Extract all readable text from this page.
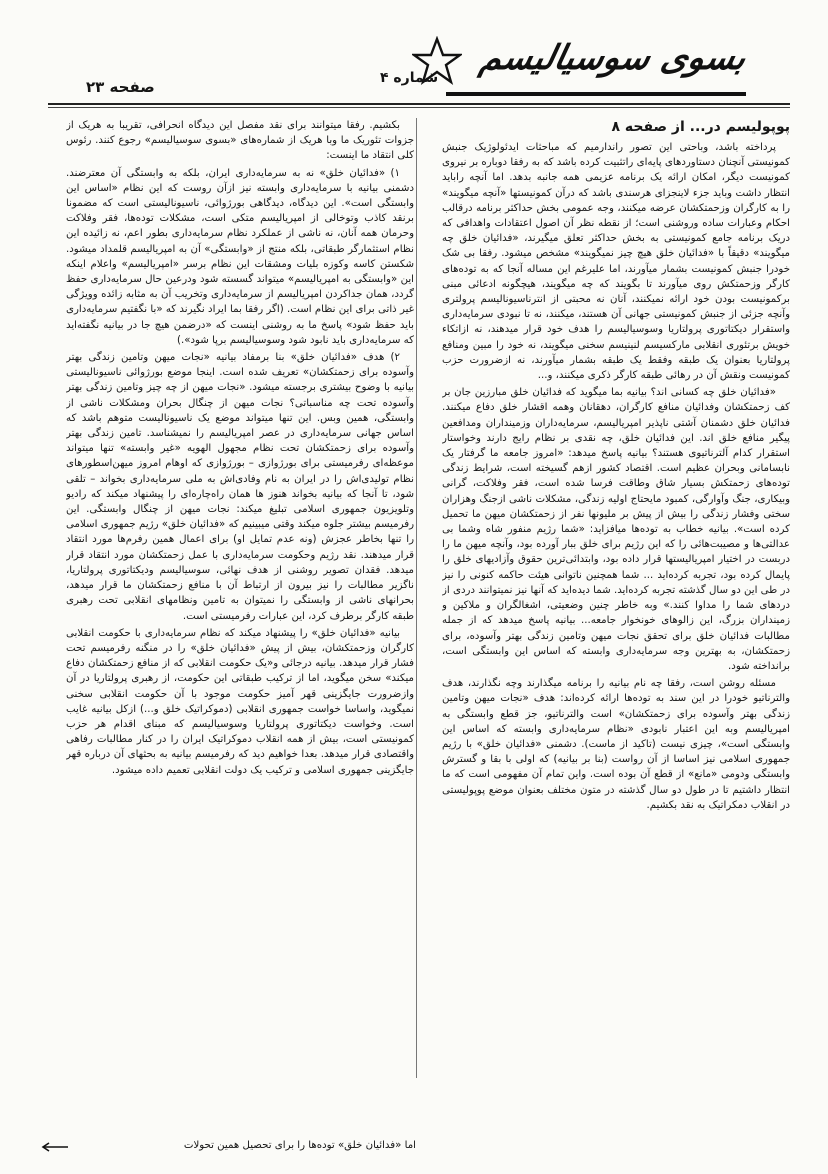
بسوی سوسیالیسم
شماره ۴
صفحه ۲۳
پوپولیسم در... از صفحه ۸

پرداخته باشد، وباحتی این تصور راندارمیم که مباحثات ایدئولوژیک جنبش کمونیستی آنچنان دستاوردهای پایه‌ای راتثبیت کرده باشد که به رفقا دوباره بر نیروی کمونیست دیگر، امکان ارائه یک برنامه عزیمی همه جانبه بدهد. اما آنچه راباید انتظار داشت وباید جزء لاینجزای هرسندی باشد که درآن کمونیستها «آنچه میگویند» را به کارگران وزحمتکشان عرضه میکنند، وجه عمومی بخش حداکثر برنامه درقالب احکام وعبارات ساده وروشنی است؛ از نقطه نظر آن اصول اعتقادات واهدافی که دریک برنامه جامع کمونیستی به بخش حداکثر تعلق میگیرند، «فدائیان خلق چه میگویند» دقیقاً با «فدائیان خلق هیچ چیز نمیگویند» مشخص میشود. رفقا بی شک خودرا جنبش کمونیست بشمار میآورند، اما علیرغم این مساله آنجا که به توده‌های کارگر وزحمتکش روی میآورند تا بگویند که چه میگویند، هیچگونه ادعائی مبنی برکمونیست بودن خود ارائه نمیکنند، آنان نه محبتی از انترناسیونالیسم پرولتری وآنچه جزئی از جنبش کمونیستی جهانی آن هستند، میکنند، نه تا نبودی سرمایه‌داری واستقرار دیکتاتوری پرولتاریا وسوسیالیسم را هدف خود قرار میدهند، نه ازاتکاء خویش برتئوری انقلابی مارکسیسم لنینیسم سخنی میگویند، نه خود را مبین ومنافع پرولتاریا بعنوان یک طبقه وفقط یک طبقه بشمار میآورند، نه ازضرورت حزب کمونیست ونقش آن در رهائی طبقه کارگر ذکری میکنند، و...

«فدائیان خلق چه کسانی اند؟ بیانیه بما میگوید که فدائیان خلق مبارزین جان بر کف زحمتکشان وفدائیان منافع کارگران، دهقانان وهمه اقشار خلق دفاع میکنند. فدائیان خلق دشمنان آشتی ناپذیر امپریالیسم، سرمایه‌داران وزمینداران ومدافعین پیگیر منافع خلق اند. این فدائیان خلق، چه نقدی بر نظام رایج دارند وخواستار استقرار کدام آلترناتیوی هستند؟ بیانیه پاسخ میدهد: «امروز جامعه ما گرفتار یک نابسامانی وبحران عظیم است. اقتصاد کشور ازهم گسیخته است، شرایط زندگی توده‌های زحمتکش بسیار شاق وطاقت فرسا شده است، فقر وفلاکت، گرانی وبیکاری، جنگ وآوارگی، کمبود مایحتاج اولیه زندگی، مشکلات ناشی ازجنگ وهزاران سختی وفشار زندگی را بیش از پیش بر ملیونها نفر از زحمتکشان میهن ما تحمیل کرده است». بیانیه خطاب به توده‌ها میافزاید: «شما رژیم منفور شاه وشما بی عدالتی‌ها و مصیبت‌هائی را که این رژیم برای خلق ببار آورده بود، وآنچه میهن ما را دربست در اختیار امپریالیستها قرار داده بود، وابتدائی‌ترین حقوق وآزادیهای خلق را پایمال کرده بود، تجربه کرده‌اید ... شما همچنین ناتوانی هیئت حاکمه کنونی را نیز در طی این دو سال گذشته تجربه کرده‌اید. شما دیده‌اید که آنها نیز نمیتوانند دردی از دردهای شما را مداوا کنند.» وبه خاطر چنین وضعیتی، اشغالگران و ملاکین و زمینداران بزرگ، این زالوهای خونخوار جامعه... بیانیه پاسخ میدهد که از جمله مطالبات فدائیان خلق برای تحقق نجات میهن وتامین زندگی بهتر وآسوده، برای زحمتکشان، به بهترین وجه سرمایه‌داری وابسته که اساس این وابستگی است، برانداخته شود.

مسئله روشن است، رفقا چه نام بیانیه را برنامه میگذارند وچه نگذارند، هدف والترناتیو خودرا در این سند به توده‌ها ارائه کرده‌اند: هدف «نجات میهن وتامین زندگی بهتر وآسوده برای زحمتکشان» است والترناتیو، جز قطع وابستگی به امپریالیسم وبه این اعتبار نابودی «نظام سرمایه‌داری وابسته که اساس این وابستگی است»، چیزی نیست (تاکید از ماست). دشمنی «فدائیان خلق» با رژیم جمهوری اسلامی نیز اساسا از آن رواست (بنا بر بیانیه) که اولی با بقا و گسترش وابستگی ودومی «مانع» از قطع آن بوده است. واین تمام آن مفهومی است که ما انتظار داشتیم تا در طول دو سال گذشته در متون مختلف بعنوان موضع پوپولیستی در انقلاب دمکراتیک به نقد بکشیم.

بکشیم. رفقا میتوانند برای نقد مفصل این دیدگاه انحرافی، تقریبا به هریک از جزوات تئوریک ما وبا هریک از شماره‌های «بسوی سوسیالیسم» رجوع کنند. رئوس کلی انتقاد ما اینست:

۱) «فدائیان خلق» نه به سرمایه‌داری ایران، بلکه به وابستگی آن معترضند. دشمنی بیانیه با سرمایه‌داری وابسته نیز ازآن روست که این نظام «اساس این وابستگی است». این دیدگاه، دیدگاهی بورژوائی، ناسیونالیستی است که مضمونا برنقد کاذب وتوخالی از امپریالیسم متکی است، مشکلات توده‌ها، فقر وفلاکت وحرمان همه آنان، نه ناشی از عملکرد نظام سرمایه‌داری بطور اعم، نه زائیده این نظام استثمارگر طبقاتی، بلکه منتج از «وابستگی» آن به امپریالیسم قلمداد میشود. شکستن کاسه وکوزه بلیات ومشقات این نظام برسر «امپریالیسم» واعلام اینکه این «وابستگی به امپریالیسم» میتواند گسسته شود ودرعین حال سرمایه‌داری حفظ گردد، همان جداکردن امپریالیسم از سرمایه‌داری وتخریب آن به مثابه زائده وویژگی غیر ذاتی برای این نظام است. (اگر رفقا بما ایراد نگیرند که «با نگفتیم سرمایه‌داری باید حفظ شود» پاسخ ما به روشنی اینست که «درضمن هیچ جا در بیانیه نگفته‌اید که سرمایه‌داری باید نابود شود وسوسیالیسم برپا شود».)

۲) هدف «فدائیان خلق» بنا برمفاد بیانیه «نجات میهن وتامین زندگی بهتر وآسوده برای زحمتکشان» تعریف شده است. اینجا موضع بورژوائی ناسیونالیستی بیانیه با وضوح بیشتری برجسته میشود. «نجات میهن از چه چیز وتامین زندگی بهتر وآسوده تحت چه مناسباتی؟ نجات میهن از چنگال بحران ومشکلات ناشی از وابستگی، همین وبس. این تنها میتواند موضع یک ناسیونالیست متوهم باشد که اساس جهانی سرمایه‌داری در عصر امپریالیسم را نمیشناسد. تامین زندگی بهتر وآسوده برای زحمتکشان تحت نظام مجهول الهویه «غیر وابسته» تنها میتواند موعظه‌ای رفرمیستی برای بورژوازی – بورژوازی که اوهام امروز میهن‌اسطورهای نظام تولیدی‌اش را در ایران به نام وفادی‌اش به ملی سرمایه‌داری بخواند – تلقی شود، تا آنجا که بیانیه بخواند هنوز ها همان راه‌چاره‌ای را پیشنهاد میکند که رادیو وتلویزیون جمهوری اسلامی تبلیغ میکند: نجات میهن از چنگال وابستگی. این رفرمیسم بیشتر جلوه میکند وقتی میبینیم که «فدائیان خلق» رژیم جمهوری اسلامی را تنها بخاطر عجزش (ونه عدم تمایل او) برای اعمال همین رفرم‌ها مورد انتقاد قرار میدهند. نقد رژیم وحکومت سرمایه‌داری با عمل زحمتکشان مورد انتقاد قرار میدهد. فقدان تصویر روشنی از هدف نهائی، سوسیالیسم ودیکتاتوری پرولتاریا، ناگزیر مطالبات را نیز بیرون از ارتباط آن با منافع زحمتکشان ما قرار میدهد، بحرانهای ناشی از وابستگی را نمیتوان به تامین ونظامهای انقلابی تحت رهبری طبقه کارگر برطرف کرد، این عبارات رفرمیستی است.

بیانیه «فدائیان خلق» را پیشنهاد میکند که نظام سرمایه‌داری با حکومت انقلابی کارگران وزحمتکشان، بیش از پیش «فدائیان خلق» را در منگنه رفرمیسم تحت فشار قرار میدهد. بیانیه درجائی و«یک حکومت انقلابی که از منافع زحمتکشان دفاع میکند» سخن میگوید، اما از ترکیب طبقاتی این حکومت، از رهبری پرولتاریا در آن وازضرورت جایگزینی قهر آمیز حکومت موجود با آن حکومت انقلابی سخنی نمیگوید، واساسا خواست جمهوری انقلابی (دموکراتیک خلق و...) ازکل بیانیه غایب است. وخواست دیکتاتوری پرولتاریا وسوسیالیسم که مبنای اقدام هر حزب کمونیستی است، بیش از همه انقلاب دموکراتیک ایران را در کنار مطالبات رفاهی واقتصادی قرار میدهد. بعدا خواهیم دید که رفرمیسم بیانیه به بحثهای آن درباره قهر جایگزینی جمهوری اسلامی و ترکیب یک دولت انقلابی تعمیم داده میشود.

اما «فدائیان خلق» توده‌ها را برای تحصیل همین تحولات
